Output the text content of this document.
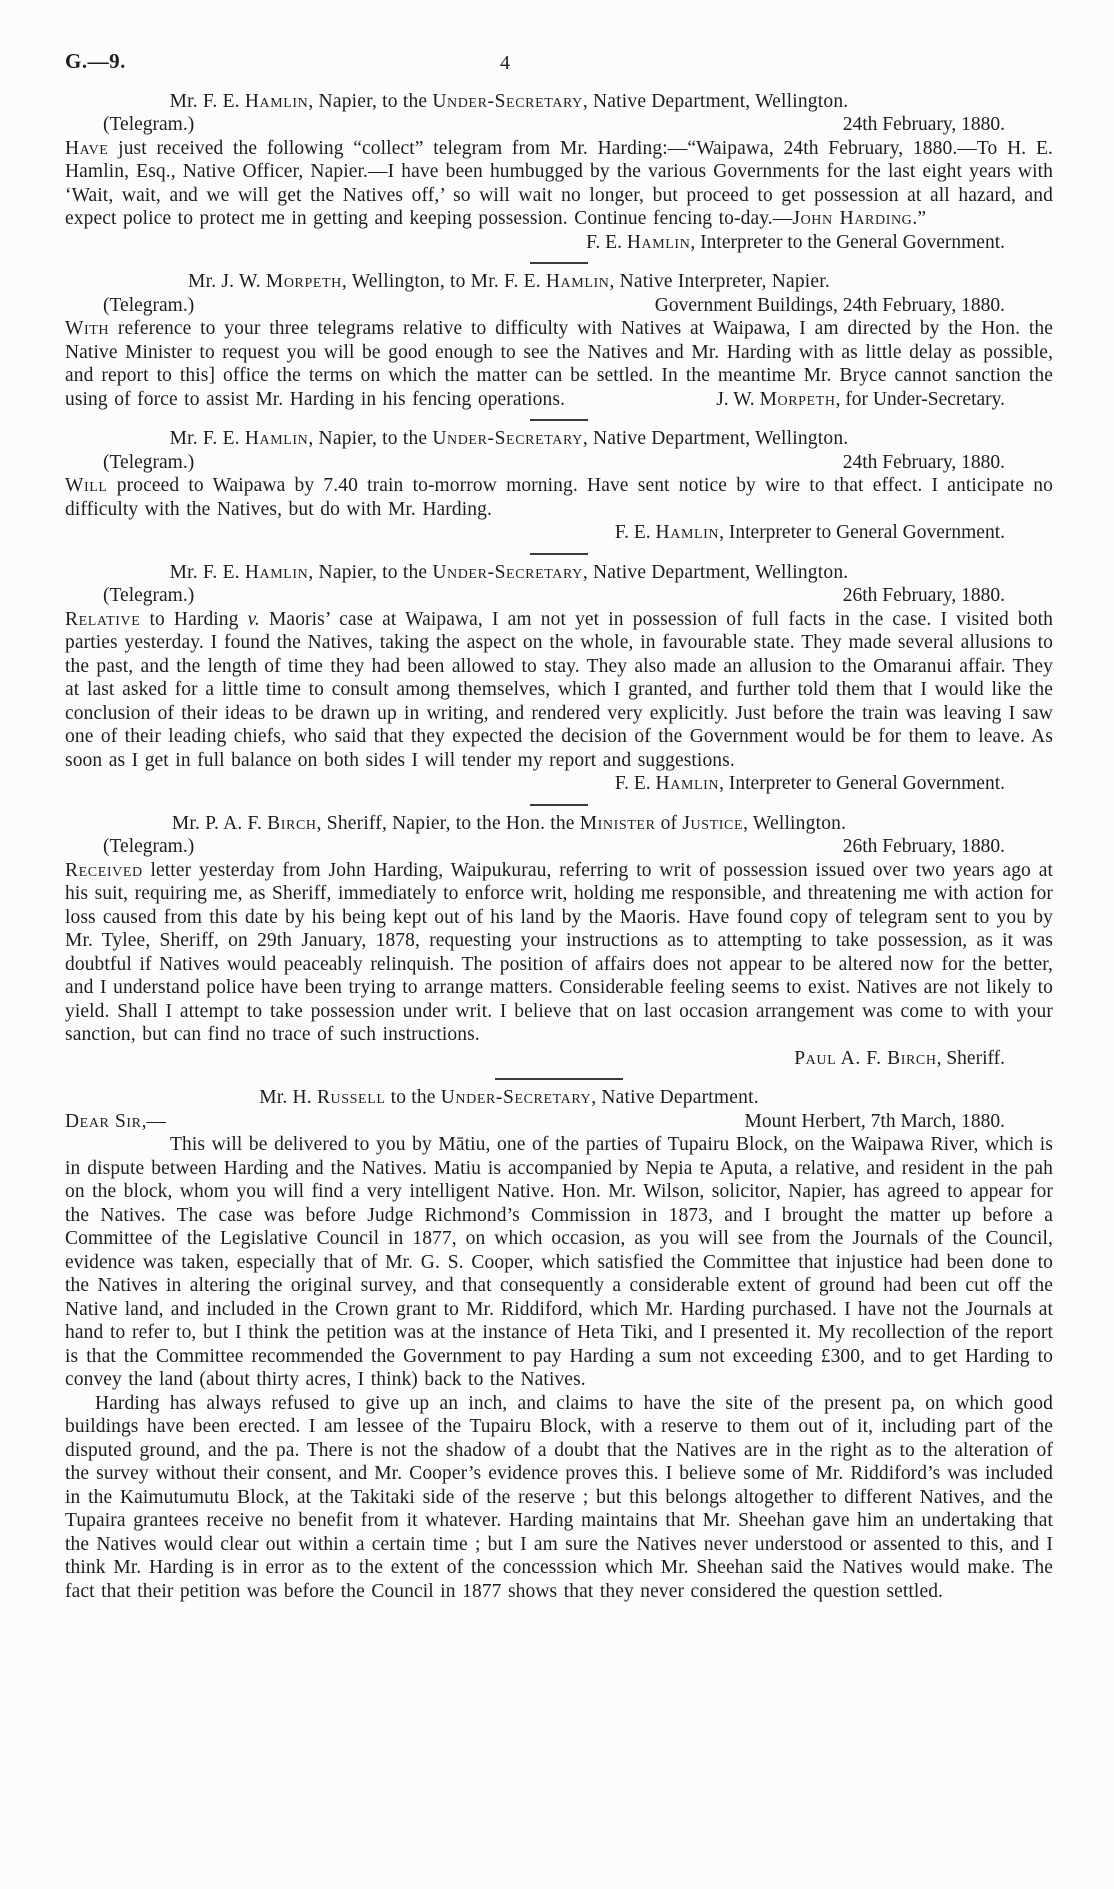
G.—9.	4
Mr. F. E. Hamlin, Napier, to the Under-Secretary, Native Department, Wellington.
(Telegram.)	24th February, 1880.

Have just received the following “collect” telegram from Mr. Harding:—“Waipawa, 24th February, 1880.—To H. E. Hamlin, Esq., Native Officer, Napier.—I have been humbugged by the various Governments for the last eight years with ‘Wait, wait, and we will get the Natives off,’ so will wait no longer, but proceed to get possession at all hazard, and expect police to protect me in getting and keeping possession. Continue fencing to-day.—John Harding.”

F. E. Hamlin, Interpreter to the General Government.
Mr. J. W. Morpeth, Wellington, to Mr. F. E. Hamlin, Native Interpreter, Napier.
(Telegram.)	Government Buildings, 24th February, 1880.

With reference to your three telegrams relative to difficulty with Natives at Waipawa, I am directed by the Hon. the Native Minister to request you will be good enough to see the Natives and Mr. Harding with as little delay as possible, and report to this] office the terms on which the matter can be settled. In the meantime Mr. Bryce cannot sanction the using of force to assist Mr. Harding in his fencing operations.	J. W. Morpeth, for Under-Secretary.
Mr. F. E. Hamlin, Napier, to the Under-Secretary, Native Department, Wellington.
(Telegram.)	24th February, 1880.

Will proceed to Waipawa by 7.40 train to-morrow morning. Have sent notice by wire to that effect. I anticipate no difficulty with the Natives, but do with Mr. Harding.

F. E. Hamlin, Interpreter to General Government.
Mr. F. E. Hamlin, Napier, to the Under-Secretary, Native Department, Wellington.
(Telegram.)	26th February, 1880.

Relative to Harding v. Maoris’ case at Waipawa, I am not yet in possession of full facts in the case. I visited both parties yesterday. I found the Natives, taking the aspect on the whole, in favourable state. They made several allusions to the past, and the length of time they had been allowed to stay. They also made an allusion to the Omaranui affair. They at last asked for a little time to consult among themselves, which I granted, and further told them that I would like the conclusion of their ideas to be drawn up in writing, and rendered very explicitly. Just before the train was leaving I saw one of their leading chiefs, who said that they expected the decision of the Government would be for them to leave. As soon as I get in full balance on both sides I will tender my report and suggestions.

F. E. Hamlin, Interpreter to General Government.
Mr. P. A. F. Birch, Sheriff, Napier, to the Hon. the Minister of Justice, Wellington.
(Telegram.)	26th February, 1880.

Received letter yesterday from John Harding, Waipukurau, referring to writ of possession issued over two years ago at his suit, requiring me, as Sheriff, immediately to enforce writ, holding me responsible, and threatening me with action for loss caused from this date by his being kept out of his land by the Maoris. Have found copy of telegram sent to you by Mr. Tylee, Sheriff, on 29th January, 1878, requesting your instructions as to attempting to take possession, as it was doubtful if Natives would peaceably relinquish. The position of affairs does not appear to be altered now for the better, and I understand police have been trying to arrange matters. Considerable feeling seems to exist. Natives are not likely to yield. Shall I attempt to take possession under writ. I believe that on last occasion arrangement was come to with your sanction, but can find no trace of such instructions.

Paul A. F. Birch, Sheriff.
Mr. H. Russell to the Under-Secretary, Native Department.
Dear Sir,—	Mount Herbert, 7th March, 1880.

This will be delivered to you by Mātiu, one of the parties of Tupairu Block, on the Waipawa River, which is in dispute between Harding and the Natives. Matiu is accompanied by Nepia te Aputa, a relative, and resident in the pah on the block, whom you will find a very intelligent Native. Hon. Mr. Wilson, solicitor, Napier, has agreed to appear for the Natives. The case was before Judge Richmond’s Commission in 1873, and I brought the matter up before a Committee of the Legislative Council in 1877, on which occasion, as you will see from the Journals of the Council, evidence was taken, especially that of Mr. G. S. Cooper, which satisfied the Committee that injustice had been done to the Natives in altering the original survey, and that consequently a considerable extent of ground had been cut off the Native land, and included in the Crown grant to Mr. Riddiford, which Mr. Harding purchased. I have not the Journals at hand to refer to, but I think the petition was at the instance of Heta Tiki, and I presented it. My recollection of the report is that the Committee recommended the Government to pay Harding a sum not exceeding £300, and to get Harding to convey the land (about thirty acres, I think) back to the Natives.

Harding has always refused to give up an inch, and claims to have the site of the present pa, on which good buildings have been erected. I am lessee of the Tupairu Block, with a reserve to them out of it, including part of the disputed ground, and the pa. There is not the shadow of a doubt that the Natives are in the right as to the alteration of the survey without their consent, and Mr. Cooper’s evidence proves this. I believe some of Mr. Riddiford’s was included in the Kaimutumutu Block, at the Takitaki side of the reserve ; but this belongs altogether to different Natives, and the Tupaira grantees receive no benefit from it whatever. Harding maintains that Mr. Sheehan gave him an undertaking that the Natives would clear out within a certain time ; but I am sure the Natives never understood or assented to this, and I think Mr. Harding is in error as to the extent of the concesssion which Mr. Sheehan said the Natives would make. The fact that their petition was before the Council in 1877 shows that they never considered the question settled.
